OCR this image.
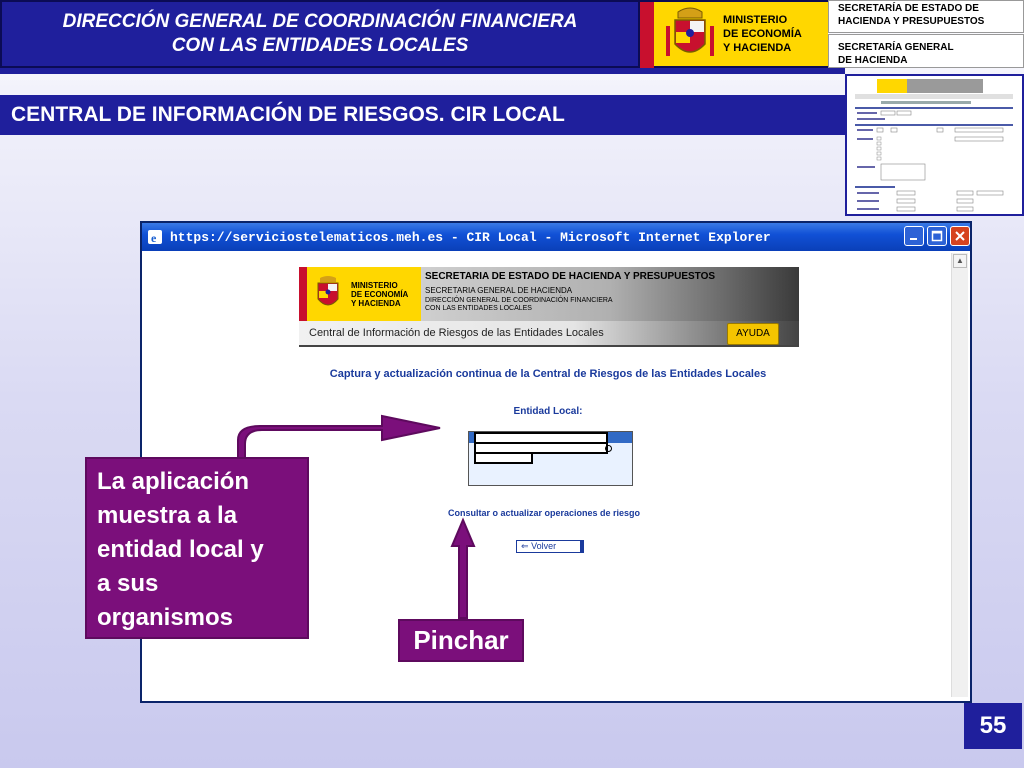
DIRECCIÓN GENERAL DE COORDINACIÓN FINANCIERA
CON LAS ENTIDADES LOCALES
MINISTERIO
DE ECONOMÍA
Y HACIENDA
SECRETARÍA DE ESTADO DE
HACIENDA Y PRESUPUESTOS
SECRETARÍA GENERAL
DE HACIENDA
CENTRAL DE INFORMACIÓN DE RIESGOS. CIR LOCAL
e https://serviciostelematicos.meh.es - CIR Local - Microsoft Internet Explorer
MINISTERIO
DE ECONOMÍA
Y HACIENDA
SECRETARIA DE ESTADO DE HACIENDA Y PRESUPUESTOS
SECRETARIA GENERAL DE HACIENDA
DIRECCIÓN GENERAL DE COORDINACIÓN FINANCIERA
CON LAS ENTIDADES LOCALES
Central de Información de Riesgos de las Entidades Locales	AYUDA
Captura y actualización continua de la Central de Riesgos de las Entidades Locales
Entidad Local:
Consultar o actualizar operaciones de riesgo
⇐ Volver
▲
La aplicación
muestra a la
entidad local y
a sus
organismos
Pinchar
55
